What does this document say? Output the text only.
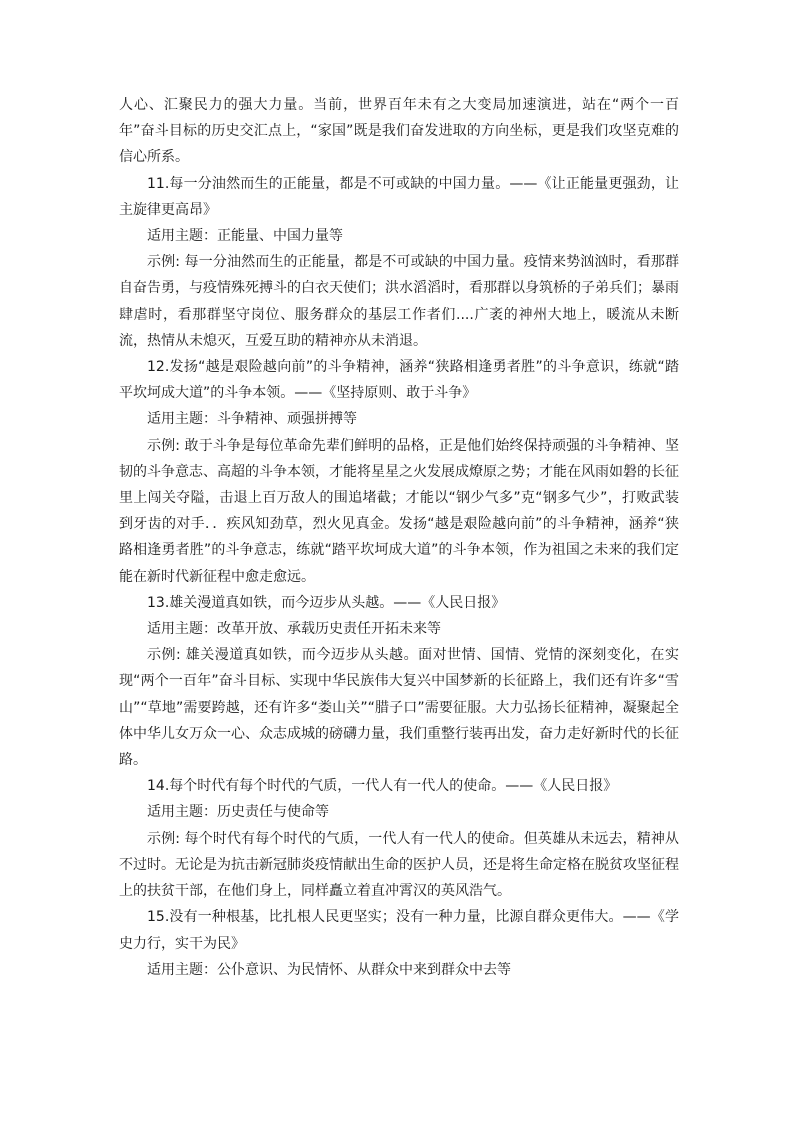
人心、汇聚民力的强大力量。当前，世界百年未有之大变局加速演进，站在“两个一百年”奋斗目标的历史交汇点上，“家国”既是我们奋发进取的方向坐标，更是我们攻坚克难的信心所系。

11.每一分油然而生的正能量，都是不可或缺的中国力量。——《让正能量更强劲，让主旋律更高昂》

适用主题：正能量、中国力量等

示例: 每一分油然而生的正能量，都是不可或缺的中国力量。疫情来势汹汹时，看那群自奋告勇，与疫情殊死搏斗的白衣天使们；洪水滔滔时，看那群以身筑桥的子弟兵们；暴雨肆虐时，看那群坚守岗位、服务群众的基层工作者们....广袤的神州大地上，暖流从未断流，热情从未熄灭，互爱互助的精神亦从未消退。

12.发扬“越是艰险越向前”的斗争精神，涵养“狭路相逢勇者胜”的斗争意识，练就“踏平坎坷成大道”的斗争本领。——《坚持原则、敢于斗争》

适用主题：斗争精神、顽强拼搏等

示例: 敢于斗争是每位革命先辈们鲜明的品格，正是他们始终保持顽强的斗争精神、坚韧的斗争意志、高超的斗争本领，才能将星星之火发展成燎原之势；才能在风雨如磐的长征里上闯关夺隘，击退上百万敌人的围追堵截；才能以“钢少气多”克“钢多气少”，打败武装到牙齿的对手．．疾风知劲草，烈火见真金。发扬“越是艰险越向前”的斗争精神，涵养“狭路相逢勇者胜”的斗争意志，练就“踏平坎坷成大道”的斗争本领，作为祖国之未来的我们定能在新时代新征程中愈走愈远。

13.雄关漫道真如铁，而今迈步从头越。——《人民日报》

适用主题：改革开放、承载历史责任开拓未来等

示例: 雄关漫道真如铁，而今迈步从头越。面对世情、国情、党情的深刻变化，在实现“两个一百年”奋斗目标、实现中华民族伟大复兴中国梦新的长征路上，我们还有许多“雪山”“草地”需要跨越，还有许多“娄山关”“腊子口”需要征服。大力弘扬长征精神，凝聚起全体中华儿女万众一心、众志成城的磅礴力量，我们重整行装再出发，奋力走好新时代的长征路。

14.每个时代有每个时代的气质，一代人有一代人的使命。——《人民日报》

适用主题：历史责任与使命等

示例: 每个时代有每个时代的气质，一代人有一代人的使命。但英雄从未远去，精神从不过时。无论是为抗击新冠肺炎疫情献出生命的医护人员，还是将生命定格在脱贫攻坚征程上的扶贫干部，在他们身上，同样矗立着直冲霄汉的英风浩气。

15.没有一种根基，比扎根人民更坚实；没有一种力量，比源自群众更伟大。——《学史力行，实干为民》

适用主题：公仆意识、为民情怀、从群众中来到群众中去等
